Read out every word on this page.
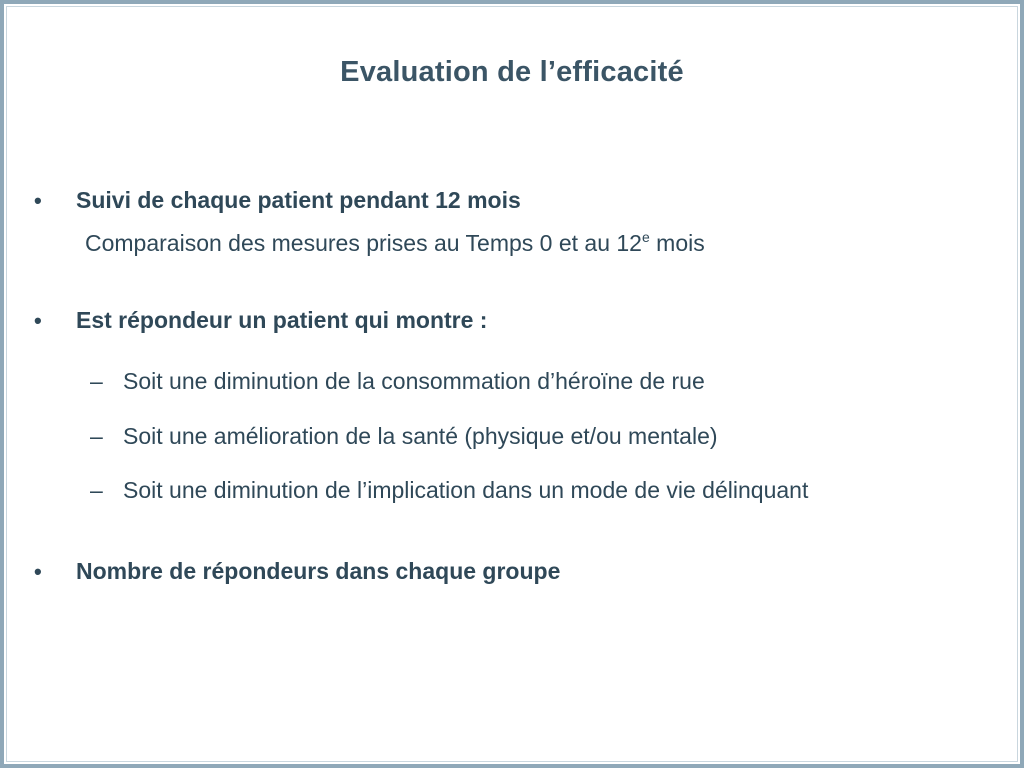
Evaluation de l’efficacité
• Suivi de chaque patient pendant 12 mois
Comparaison des mesures prises au Temps 0 et au 12e mois
• Est répondeur un patient qui montre :
– Soit une diminution de la consommation d’héroïne de rue
– Soit une amélioration de la santé (physique et/ou mentale)
– Soit une diminution de l’implication dans un mode de vie délinquant
• Nombre de répondeurs dans chaque groupe
